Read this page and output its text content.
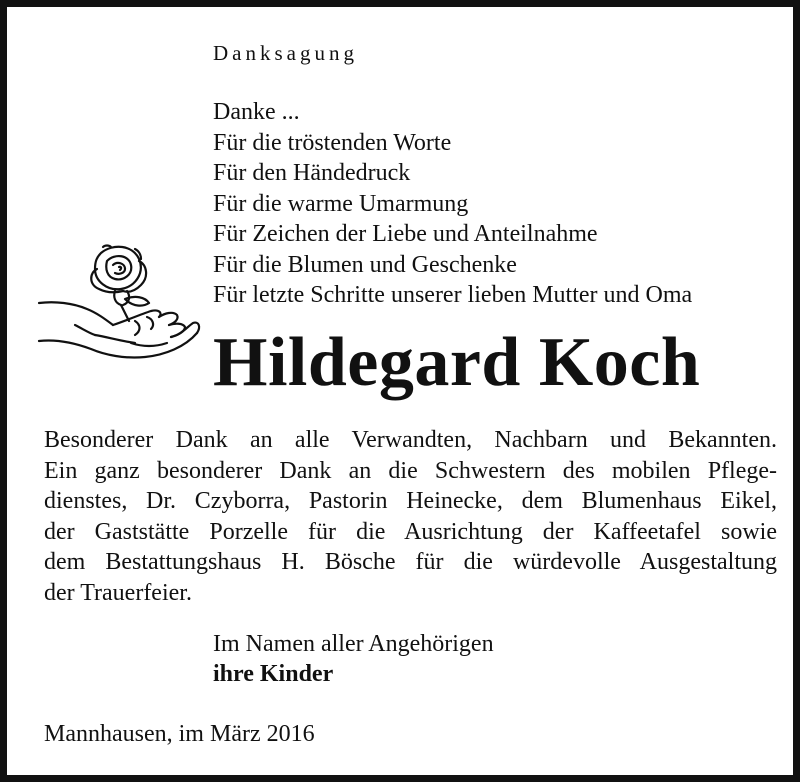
Danksagung
Danke ...
Für die tröstenden Worte
Für den Händedruck
Für die warme Umarmung
Für Zeichen der Liebe und Anteilnahme
Für die Blumen und Geschenke
Für letzte Schritte unserer lieben Mutter und Oma
Hildegard Koch

Besonderer Dank an alle Verwandten, Nachbarn und Bekannten.
Ein ganz besonderer Dank an die Schwestern des mobilen Pflege-
dienstes, Dr. Czyborra, Pastorin Heinecke, dem Blumenhaus Eikel,
der Gaststätte Porzelle für die Ausrichtung der Kaffeetafel sowie
dem Bestattungshaus H. Bösche für die würdevolle Ausgestaltung
der Trauerfeier.

Im Namen aller Angehörigen
ihre Kinder
Mannhausen, im März 2016
